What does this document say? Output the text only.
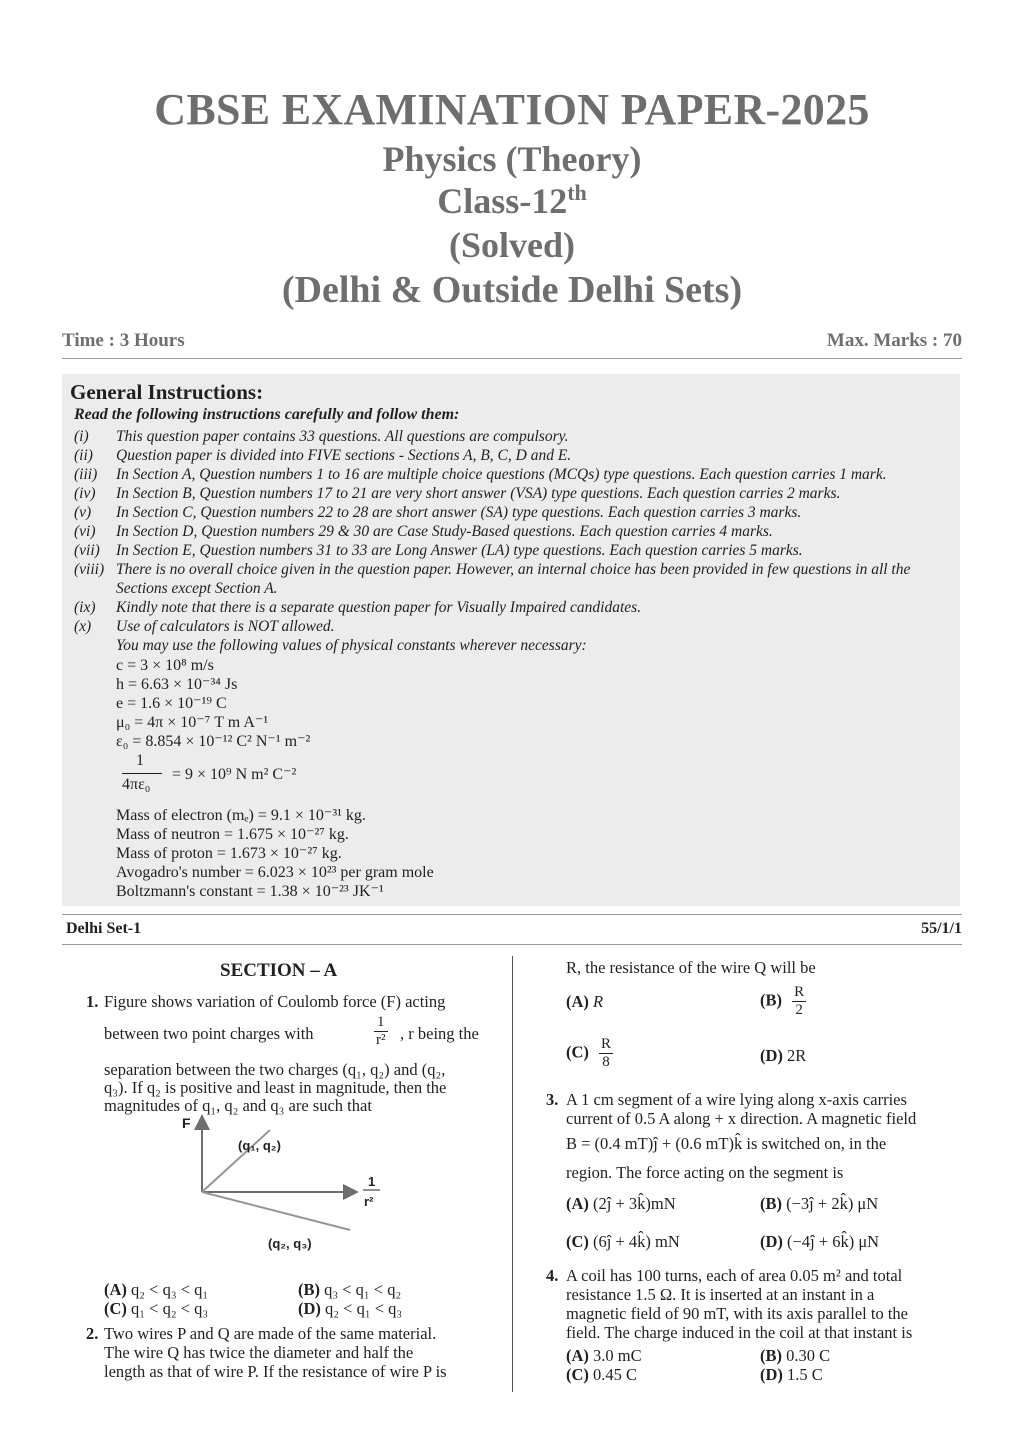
CBSE EXAMINATION PAPER-2025
Physics (Theory)
Class-12th
(Solved)
(Delhi & Outside Delhi Sets)
Time : 3 Hours	Max. Marks : 70
General Instructions:
Read the following instructions carefully and follow them:
(i) This question paper contains 33 questions. All questions are compulsory.
(ii) Question paper is divided into FIVE sections - Sections A, B, C, D and E.
(iii) In Section A, Question numbers 1 to 16 are multiple choice questions (MCQs) type questions. Each question carries 1 mark.
(iv) In Section B, Question numbers 17 to 21 are very short answer (VSA) type questions. Each question carries 2 marks.
(v) In Section C, Question numbers 22 to 28 are short answer (SA) type questions. Each question carries 3 marks.
(vi) In Section D, Question numbers 29 & 30 are Case Study-Based questions. Each question carries 4 marks.
(vii) In Section E, Question numbers 31 to 33 are Long Answer (LA) type questions. Each question carries 5 marks.
(viii) There is no overall choice given in the question paper. However, an internal choice has been provided in few questions in all the Sections except Section A.
(ix) Kindly note that there is a separate question paper for Visually Impaired candidates.
(x) Use of calculators is NOT allowed.
You may use the following values of physical constants wherever necessary:
c = 3 × 10⁸ m/s
h = 6.63 × 10⁻³⁴ Js
e = 1.6 × 10⁻¹⁹ C
μ₀ = 4π × 10⁻⁷ T m A⁻¹
ε₀ = 8.854 × 10⁻¹² C² N⁻¹ m⁻²
1
4πε₀
= 9 × 10⁹ N m² C⁻²
Mass of electron (mₑ) = 9.1 × 10⁻³¹ kg.
Mass of neutron = 1.675 × 10⁻²⁷ kg.
Mass of proton = 1.673 × 10⁻²⁷ kg.
Avogadro's number = 6.023 × 10²³ per gram mole
Boltzmann's constant = 1.38 × 10⁻²³ JK⁻¹
Delhi Set-1	55/1/1
SECTION – A
1. Figure shows variation of Coulomb force (F) acting
between two point charges with
1
r² , r being the
separation between the two charges (q₁, q₂) and (q₂,
q₃). If q₂ is positive and least in magnitude, then the
magnitudes of q₁, q₂ and q₃ are such that
F
(q₁, q₂)
(q₂, q₃)
1
r²
(A) q₂ < q₃ < q₁	(B) q₃ < q₁ < q₂
(C) q₁ < q₂ < q₃	(D) q₂ < q₁ < q₃
2. Two wires P and Q are made of the same material.
The wire Q has twice the diameter and half the
length as that of wire P. If the resistance of wire P is
R, the resistance of the wire Q will be
(A) R	$(B) \frac{R}{2}$
$(C) \frac{R}{8}$	(D) 2R
3. A 1 cm segment of a wire lying along x-axis carries
current of 0.5 A along + x direction. A magnetic field
B = (0.4 mT)ĵ + (0.6 mT)k̂ is switched on, in the
region. The force acting on the segment is
(A) (2ĵ + 3k̂)mN	(B) (−3ĵ + 2k̂) μN
(C) (6ĵ + 4k̂) mN	(D) (−4ĵ + 6k̂) μN
4. A coil has 100 turns, each of area 0.05 m² and total
resistance 1.5 Ω. It is inserted at an instant in a
magnetic field of 90 mT, with its axis parallel to the
field. The charge induced in the coil at that instant is
(A) 3.0 mC	(B) 0.30 C
(C) 0.45 C	(D) 1.5 C
